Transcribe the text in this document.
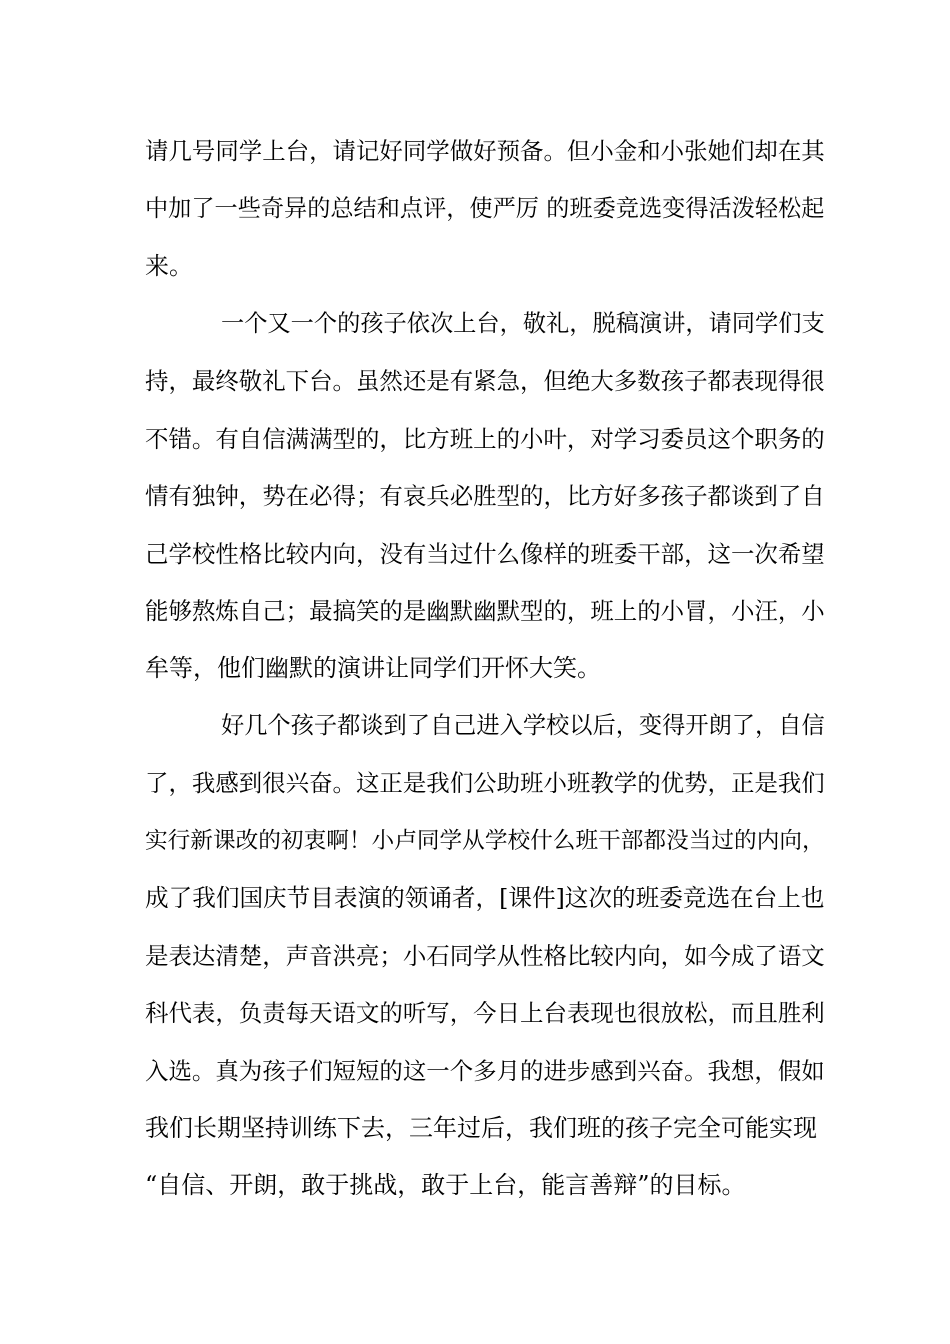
请几号同学上台，请记好同学做好预备。但小金和小张她们却在其
中加了一些奇异的总结和点评，使严厉 的班委竞选变得活泼轻松起
来。
一个又一个的孩子依次上台，敬礼，脱稿演讲，请同学们支
持，最终敬礼下台。虽然还是有紧急，但绝大多数孩子都表现得很
不错。有自信满满型的，比方班上的小叶，对学习委员这个职务的
情有独钟，势在必得；有哀兵必胜型的，比方好多孩子都谈到了自
己学校性格比较内向，没有当过什么像样的班委干部，这一次希望
能够熬炼自己；最搞笑的是幽默幽默型的，班上的小冒，小汪，小
牟等，他们幽默的演讲让同学们开怀大笑。
好几个孩子都谈到了自己进入学校以后，变得开朗了，自信
了，我感到很兴奋。这正是我们公助班小班教学的优势，正是我们
实行新课改的初衷啊！小卢同学从学校什么班干部都没当过的内向，
成了我们国庆节目表演的领诵者，[课件]这次的班委竞选在台上也
是表达清楚，声音洪亮；小石同学从性格比较内向，如今成了语文
科代表，负责每天语文的听写，今日上台表现也很放松，而且胜利
入选。真为孩子们短短的这一个多月的进步感到兴奋。我想，假如
我们长期坚持训练下去，三年过后，我们班的孩子完全可能实现
“自信、开朗，敢于挑战，敢于上台，能言善辩”的目标。
